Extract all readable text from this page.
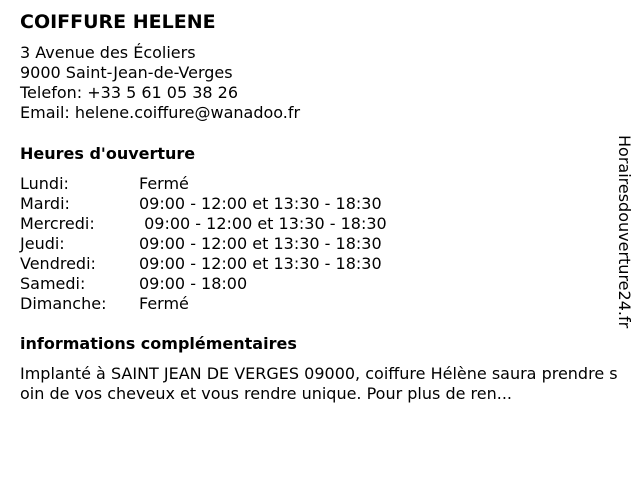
COIFFURE HELENE
3 Avenue des Écoliers
9000 Saint-Jean-de-Verges
Telefon: +33 5 61 05 38 26
Email: helene.coiffure@wanadoo.fr
Heures d'ouverture
Lundi:	Fermé
Mardi:	09:00 - 12:00 et 13:30 - 18:30
Mercredi:	09:00 - 12:00 et 13:30 - 18:30
Jeudi:	09:00 - 12:00 et 13:30 - 18:30
Vendredi:	09:00 - 12:00 et 13:30 - 18:30
Samedi:	09:00 - 18:00
Dimanche:	Fermé
informations complémentaires
Implanté à SAINT JEAN DE VERGES 09000, coiffure Hélène saura prendre soin de vos cheveux et vous rendre unique. Pour plus de ren...
Horairesdouverture24.fr
